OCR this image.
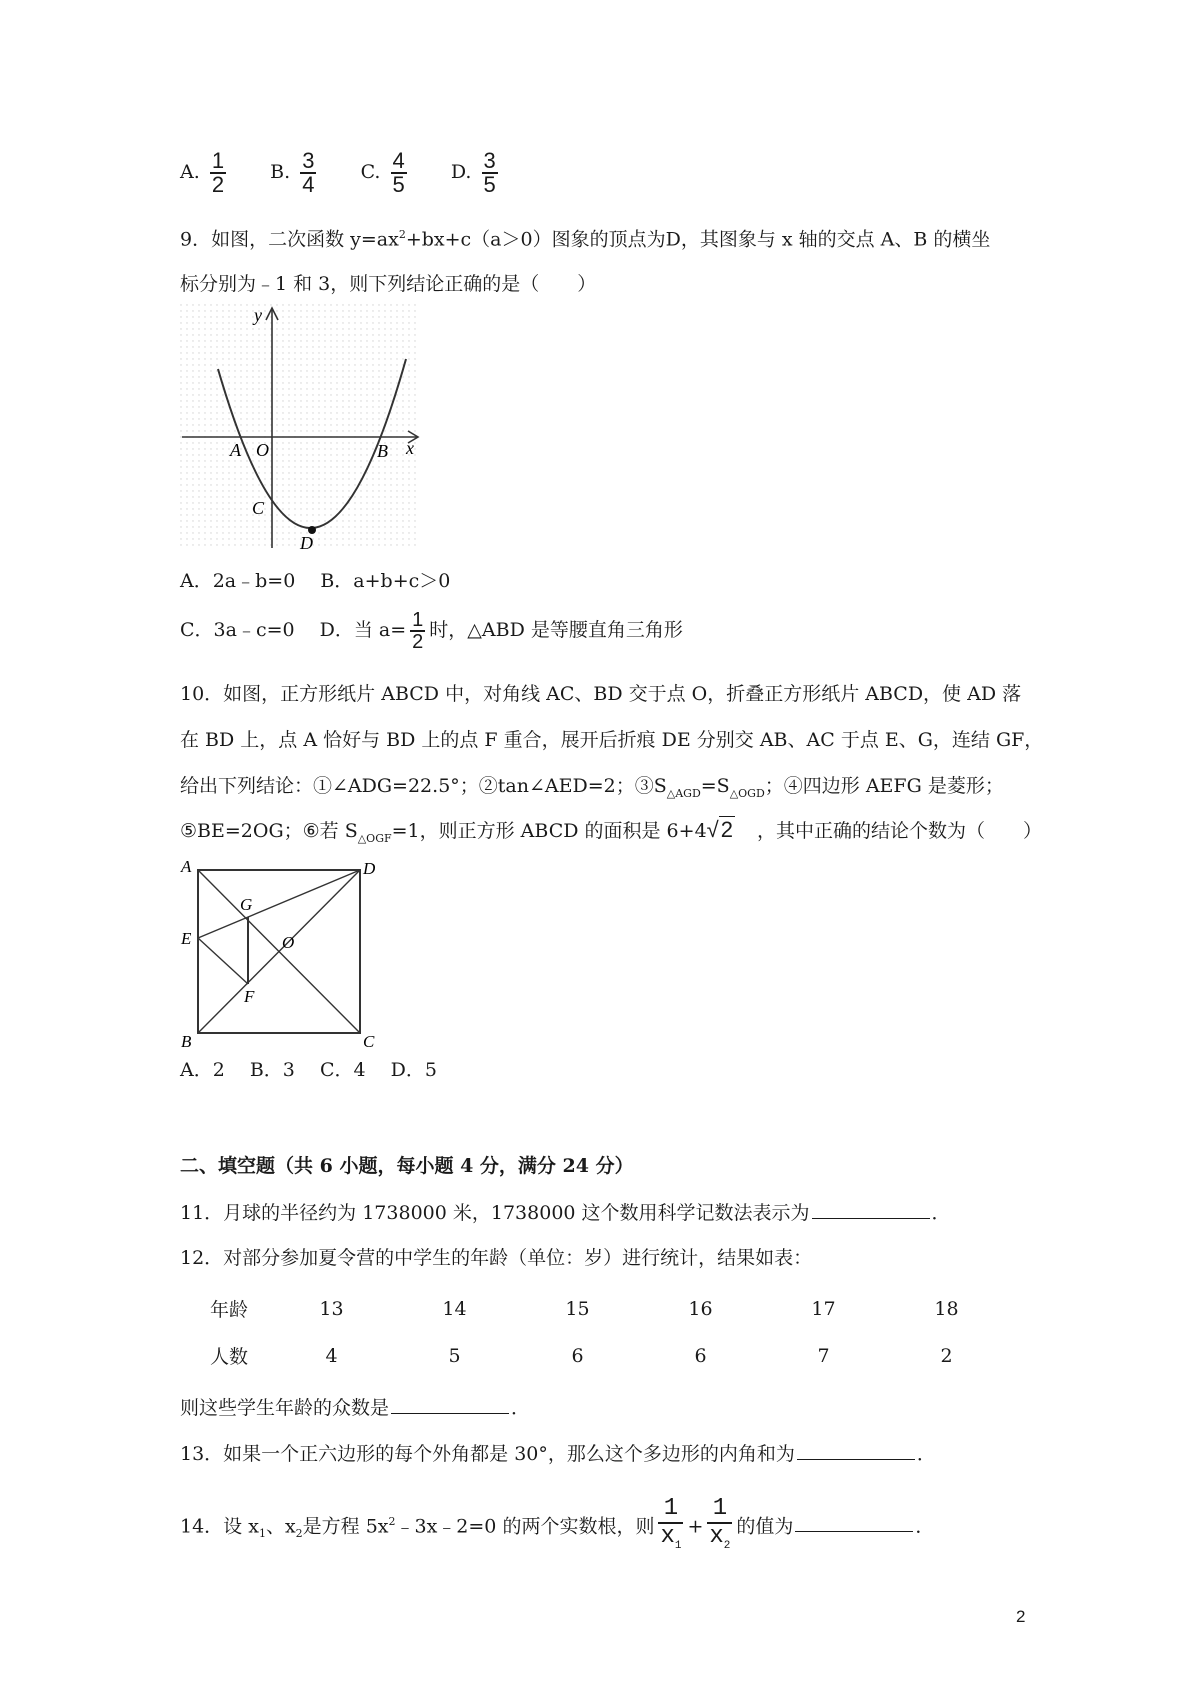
A. $\frac{1}{2} B$. $\frac{3}{4} C$. $\frac{4}{5} D$. $\frac{3}{5}$
9．如图，二次函数 $y=ax^2+bx+c(a>0)$图象的顶点为D，其图象与 x 轴的交点 A、B 的横坐
标分别为﹣1 和 3，则下列结论正确的是（　　）
y
x
A O	B
C
D
A．2a﹣b=0　 B．a+b+c＞0
C．3a﹣c=0　 D．当 $a= \frac{1}{2}$ 时，△ABD 是等腰直角三角形
10．如图，正方形纸片 ABCD 中，对角线 AC、BD 交于点 O，折叠正方形纸片 ABCD，使 AD 落
在 BD 上，点 A 恰好与 BD 上的点 F 重合，展开后折痕 DE 分别交 AB、AC 于点 E、G，连结 GF，
给出下列结论：①∠ADG=22.5°；②tan∠AED=2；$③S_{\triangle AGD}=S_{\triangle OGD}$；④四边形 AEFG 是菱形；
⑤BE=2OG；⑥若 $S_{\triangle OGF}=1$，则正方形 ABCD 的面积是 6+4√2 ，其中正确的结论个数为（　　）
A	D
G
E	O
F
B	C
A．2　 B．3　 C．4　 D．5
二、填空题（共 6 小题，每小题 4 分，满分 24 分）
11．月球的半径约为 1738000 米，1738000 这个数用科学记数法表示为	．
12．对部分参加夏令营的中学生的年龄（单位：岁）进行统计，结果如表：
年龄	13	14	15	16	17	18
人数	4	5	6	6	7	2
则这些学生年龄的众数是	．
13．如果一个正六边形的每个外角都是 30°，那么这个多边形的内角和为	．
14．设 $x_1$、$x_2$是方程 $5x^2﹣3x﹣2=0$ 的两个实数根，则 $\frac{1}{x_1} + \frac{1}{x_2}$ 的值为	．
2
